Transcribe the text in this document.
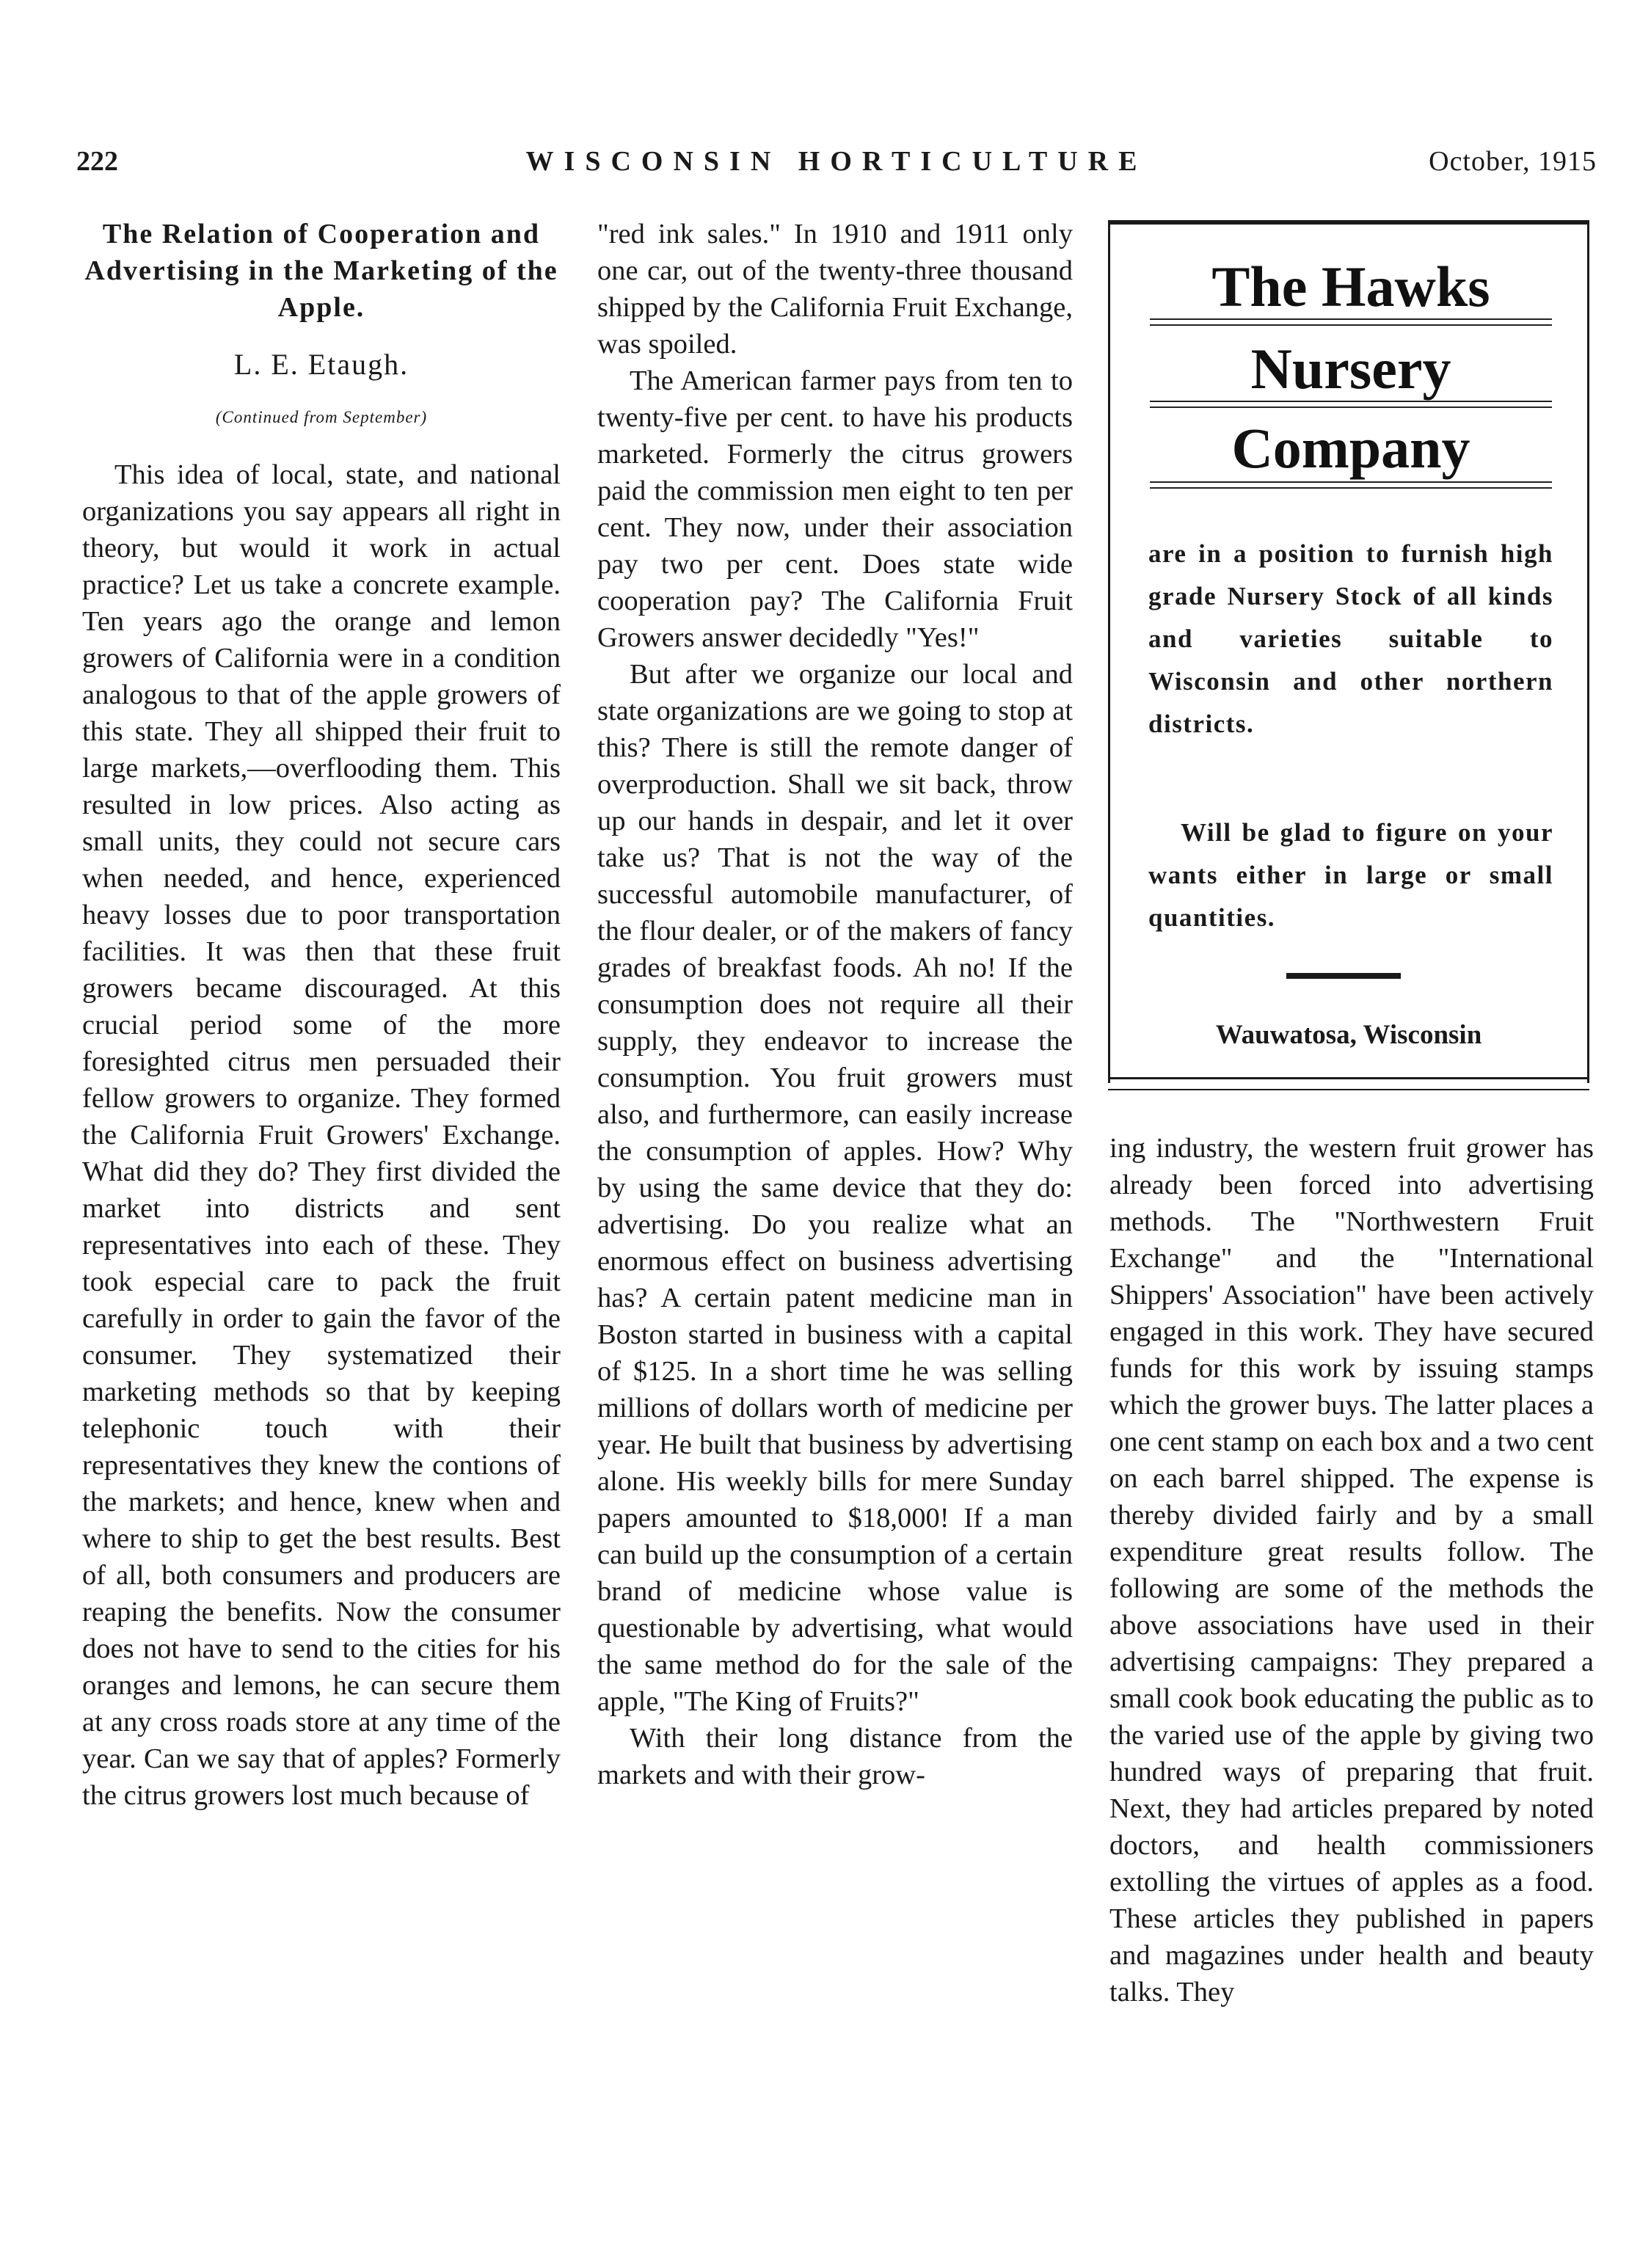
222	WISCONSIN HORTICULTURE	October, 1915
The Relation of Cooperation and Advertising in the Marketing of the Apple.
L. E. Etaugh.
(Continued from September)

This idea of local, state, and national organizations you say appears all right in theory, but would it work in actual practice? Let us take a concrete example. Ten years ago the orange and lemon growers of California were in a condition analogous to that of the apple growers of this state. They all shipped their fruit to large markets,—overflooding them. This resulted in low prices. Also acting as small units, they could not secure cars when needed, and hence, experienced heavy losses due to poor transportation facilities. It was then that these fruit growers became discouraged. At this crucial period some of the more foresighted citrus men persuaded their fellow growers to organize. They formed the California Fruit Growers' Exchange. What did they do? They first divided the market into districts and sent representatives into each of these. They took especial care to pack the fruit carefully in order to gain the favor of the consumer. They systematized their marketing methods so that by keeping telephonic touch with their representatives they knew the contions of the markets; and hence, knew when and where to ship to get the best results. Best of all, both consumers and producers are reaping the benefits. Now the consumer does not have to send to the cities for his oranges and lemons, he can secure them at any cross roads store at any time of the year. Can we say that of apples? Formerly the citrus growers lost much because of

"red ink sales." In 1910 and 1911 only one car, out of the twenty-three thousand shipped by the California Fruit Exchange, was spoiled.

The American farmer pays from ten to twenty-five per cent. to have his products marketed. Formerly the citrus growers paid the commission men eight to ten per cent. They now, under their association pay two per cent. Does state wide cooperation pay? The California Fruit Growers answer decidedly "Yes!"

But after we organize our local and state organizations are we going to stop at this? There is still the remote danger of overproduction. Shall we sit back, throw up our hands in despair, and let it over take us? That is not the way of the successful automobile manufacturer, of the flour dealer, or of the makers of fancy grades of breakfast foods. Ah no! If the consumption does not require all their supply, they endeavor to increase the consumption. You fruit growers must also, and furthermore, can easily increase the consumption of apples. How? Why by using the same device that they do: advertising. Do you realize what an enormous effect on business advertising has? A certain patent medicine man in Boston started in business with a capital of $125. In a short time he was selling millions of dollars worth of medicine per year. He built that business by advertising alone. His weekly bills for mere Sunday papers amounted to $18,000! If a man can build up the consumption of a certain brand of medicine whose value is questionable by advertising, what would the same method do for the sale of the apple, "The King of Fruits?"

With their long distance from the markets and with their grow-

The Hawks
Nursery
Company
are in a position to furnish high grade Nursery Stock of all kinds and varieties suitable to Wisconsin and other northern districts.
Will be glad to figure on your wants either in large or small quantities.
Wauwatosa, Wisconsin

ing industry, the western fruit grower has already been forced into advertising methods. The "Northwestern Fruit Exchange" and the "International Shippers' Association" have been actively engaged in this work. They have secured funds for this work by issuing stamps which the grower buys. The latter places a one cent stamp on each box and a two cent on each barrel shipped. The expense is thereby divided fairly and by a small expenditure great results follow. The following are some of the methods the above associations have used in their advertising campaigns: They prepared a small cook book educating the public as to the varied use of the apple by giving two hundred ways of preparing that fruit. Next, they had articles prepared by noted doctors, and health commissioners extolling the virtues of apples as a food. These articles they published in papers and magazines under health and beauty talks. They
